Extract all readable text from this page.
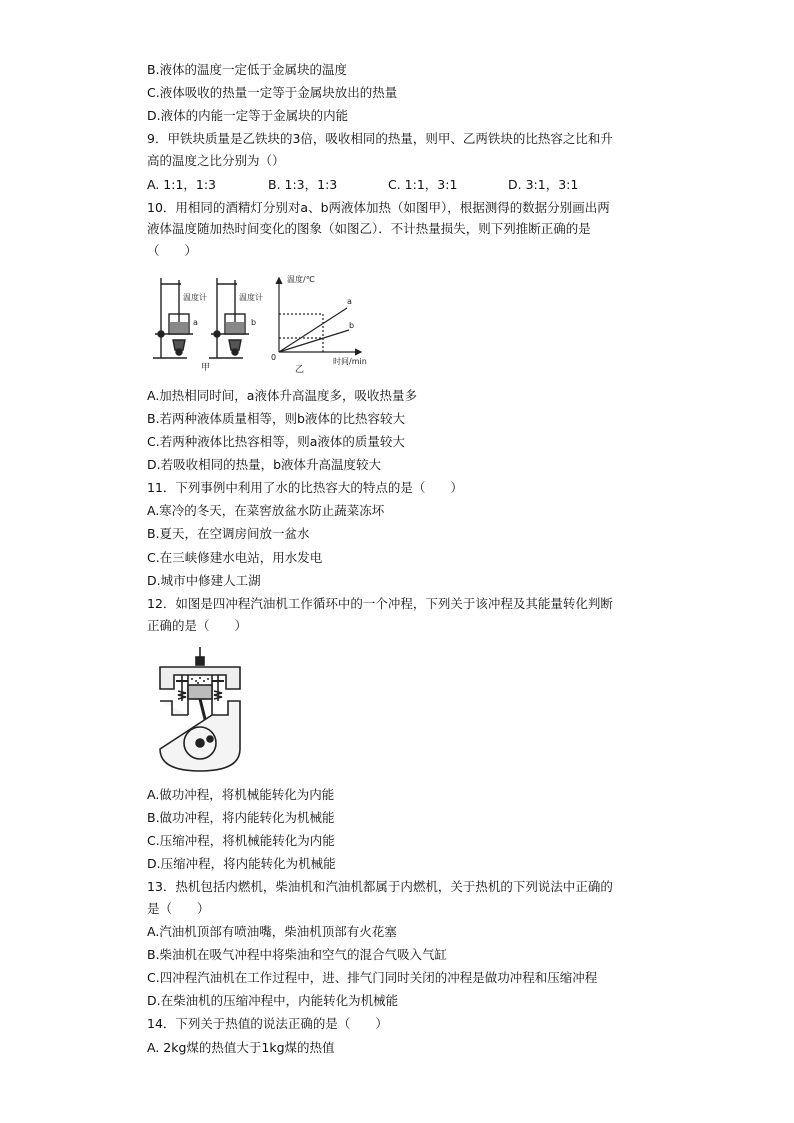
B.液体的温度一定低于金属块的温度
C.液体吸收的热量一定等于金属块放出的热量
D.液体的内能一定等于金属块的内能
9．甲铁块质量是乙铁块的3倍，吸收相同的热量，则甲、乙两铁块的比热容之比和升
高的温度之比分别为（）
A. 1:1，1:3	B. 1:3，1:3	C. 1:1，3:1	D. 3:1，3:1
10．用相同的酒精灯分别对a、b两液体加热（如图甲），根据测得的数据分别画出两
液体温度随加热时间变化的图象（如图乙）．不计热量损失，则下列推断正确的是
（　　）
温度计
a
甲
温度计
b
温度/℃
时间/min
0
a
b
乙
A.加热相同时间，a液体升高温度多，吸收热量多
B.若两种液体质量相等，则b液体的比热容较大
C.若两种液体比热容相等，则a液体的质量较大
D.若吸收相同的热量，b液体升高温度较大
11．下列事例中利用了水的比热容大的特点的是（　　）
A.寒冷的冬天，在菜窖放盆水防止蔬菜冻坏
B.夏天，在空调房间放一盆水
C.在三峡修建水电站，用水发电
D.城市中修建人工湖
12．如图是四冲程汽油机工作循环中的一个冲程，下列关于该冲程及其能量转化判断
正确的是（　　）
A.做功冲程，将机械能转化为内能
B.做功冲程，将内能转化为机械能
C.压缩冲程，将机械能转化为内能
D.压缩冲程，将内能转化为机械能
13．热机包括内燃机，柴油机和汽油机都属于内燃机，关于热机的下列说法中正确的
是（　　）
A.汽油机顶部有喷油嘴，柴油机顶部有火花塞
B.柴油机在吸气冲程中将柴油和空气的混合气吸入气缸
C.四冲程汽油机在工作过程中，进、排气门同时关闭的冲程是做功冲程和压缩冲程
D.在柴油机的压缩冲程中，内能转化为机械能
14．下列关于热值的说法正确的是（　　）
A. 2kg煤的热值大于1kg煤的热值
